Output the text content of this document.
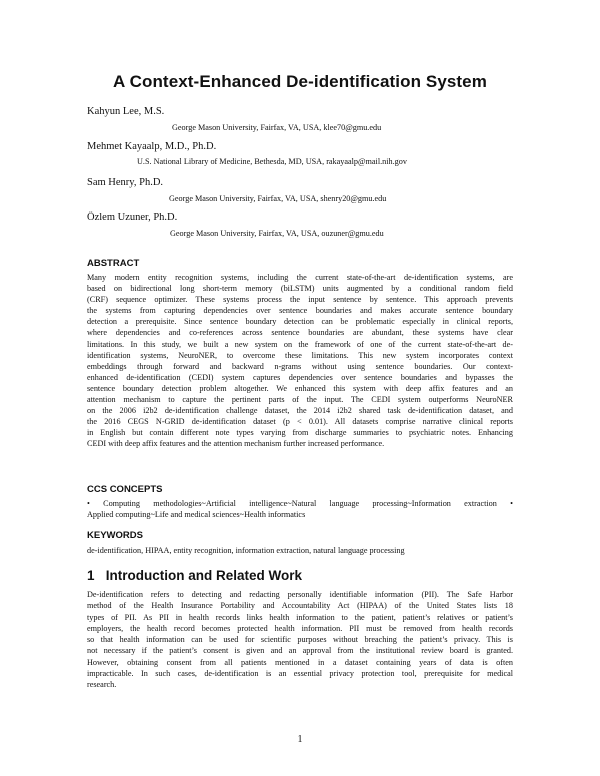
A Context-Enhanced De-identification System
Kahyun Lee, M.S.
George Mason University, Fairfax, VA, USA, klee70@gmu.edu
Mehmet Kayaalp, M.D., Ph.D.
U.S. National Library of Medicine, Bethesda, MD, USA, rakayaalp@mail.nih.gov
Sam Henry, Ph.D.
George Mason University, Fairfax, VA, USA, shenry20@gmu.edu
Özlem Uzuner, Ph.D.
George Mason University, Fairfax, VA, USA, ouzuner@gmu.edu
ABSTRACT
Many modern entity recognition systems, including the current state-of-the-art de-identification systems, are
based on bidirectional long short-term memory (biLSTM) units augmented by a conditional random field
(CRF) sequence optimizer. These systems process the input sentence by sentence. This approach prevents
the systems from capturing dependencies over sentence boundaries and makes accurate sentence boundary
detection a prerequisite. Since sentence boundary detection can be problematic especially in clinical reports,
where dependencies and co-references across sentence boundaries are abundant, these systems have clear
limitations. In this study, we built a new system on the framework of one of the current state-of-the-art de-
identification systems, NeuroNER, to overcome these limitations. This new system incorporates context
embeddings through forward and backward n-grams without using sentence boundaries. Our context-
enhanced de-identification (CEDI) system captures dependencies over sentence boundaries and bypasses the
sentence boundary detection problem altogether. We enhanced this system with deep affix features and an
attention mechanism to capture the pertinent parts of the input. The CEDI system outperforms NeuroNER
on the 2006 i2b2 de-identification challenge dataset, the 2014 i2b2 shared task de-identification dataset, and
the 2016 CEGS N-GRID de-identification dataset (p < 0.01). All datasets comprise narrative clinical reports
in English but contain different note types varying from discharge summaries to psychiatric notes. Enhancing
CEDI with deep affix features and the attention mechanism further increased performance.
CCS CONCEPTS
• Computing methodologies~Artificial intelligence~Natural language processing~Information extraction •
Applied computing~Life and medical sciences~Health informatics
KEYWORDS
de-identification, HIPAA, entity recognition, information extraction, natural language processing
1 Introduction and Related Work
De-identification refers to detecting and redacting personally identifiable information (PII). The Safe Harbor
method of the Health Insurance Portability and Accountability Act (HIPAA) of the United States lists 18
types of PII. As PII in health records links health information to the patient, patient’s relatives or patient’s
employers, the health record becomes protected health information. PII must be removed from health records
so that health information can be used for scientific purposes without breaching the patient’s privacy. This is
not necessary if the patient’s consent is given and an approval from the institutional review board is granted.
However, obtaining consent from all patients mentioned in a dataset containing years of data is often
impracticable. In such cases, de-identification is an essential privacy protection tool, prerequisite for medical
research.
1
